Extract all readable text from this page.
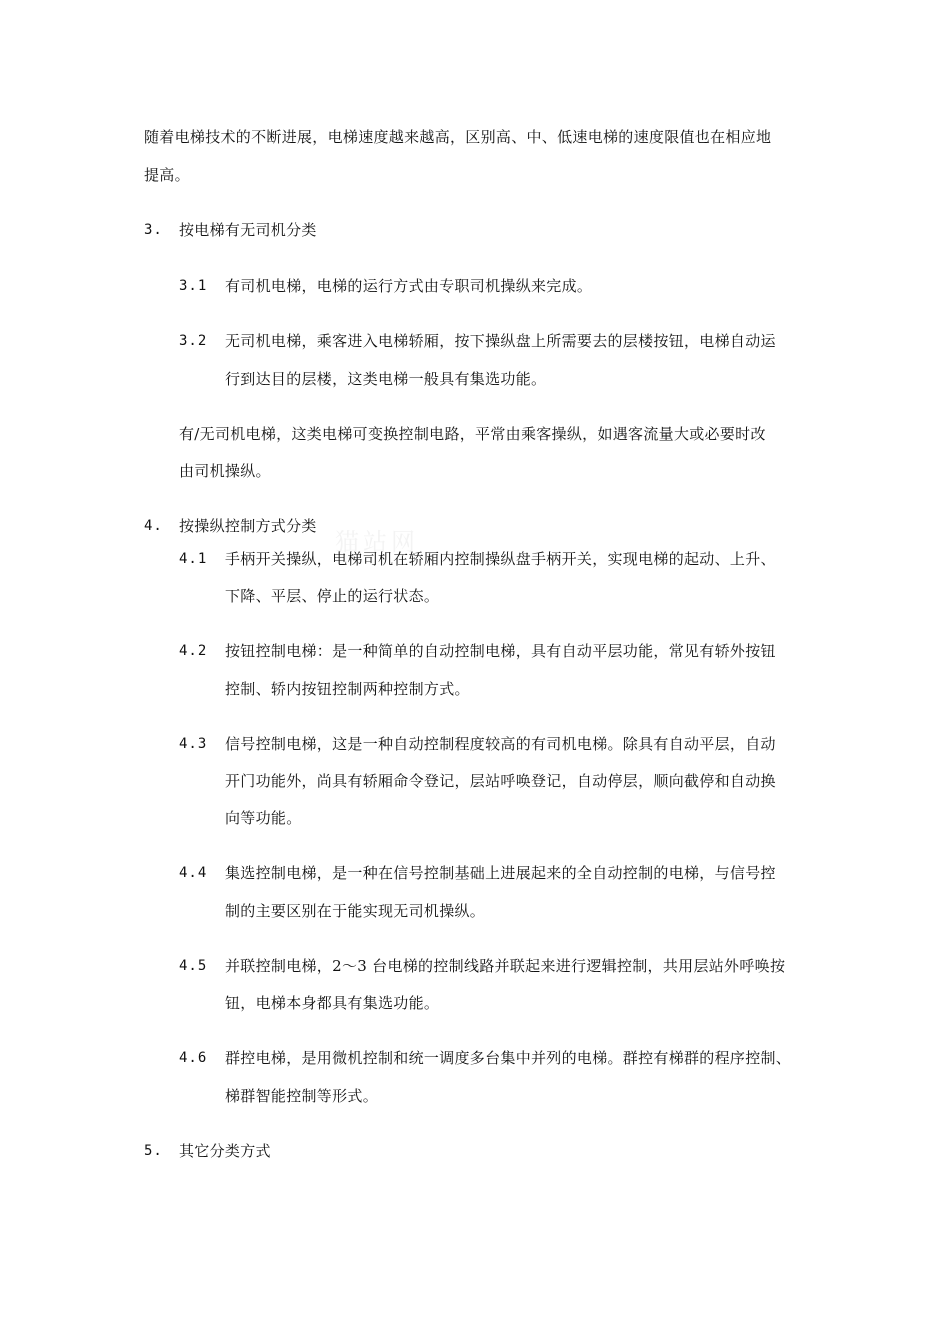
猫站网
随着电梯技术的不断进展，电梯速度越来越高，区别高、中、低速电梯的速度限值也在相应地
提高。
3. 按电梯有无司机分类
3.1 有司机电梯，电梯的运行方式由专职司机操纵来完成。
3.2 无司机电梯，乘客进入电梯轿厢，按下操纵盘上所需要去的层楼按钮，电梯自动运
行到达目的层楼，这类电梯一般具有集选功能。
有/无司机电梯，这类电梯可变换控制电路，平常由乘客操纵，如遇客流量大或必要时改
由司机操纵。
4. 按操纵控制方式分类
4.1 手柄开关操纵，电梯司机在轿厢内控制操纵盘手柄开关，实现电梯的起动、上升、
下降、平层、停止的运行状态。
4.2 按钮控制电梯：是一种简单的自动控制电梯，具有自动平层功能，常见有轿外按钮
控制、轿内按钮控制两种控制方式。
4.3 信号控制电梯，这是一种自动控制程度较高的有司机电梯。除具有自动平层，自动
开门功能外，尚具有轿厢命令登记，层站呼唤登记，自动停层，顺向截停和自动换
向等功能。
4.4 集选控制电梯，是一种在信号控制基础上进展起来的全自动控制的电梯，与信号控
制的主要区别在于能实现无司机操纵。
4.5 并联控制电梯，2～3 台电梯的控制线路并联起来进行逻辑控制，共用层站外呼唤按
钮，电梯本身都具有集选功能。
4.6 群控电梯，是用微机控制和统一调度多台集中并列的电梯。群控有梯群的程序控制、
梯群智能控制等形式。
5. 其它分类方式
